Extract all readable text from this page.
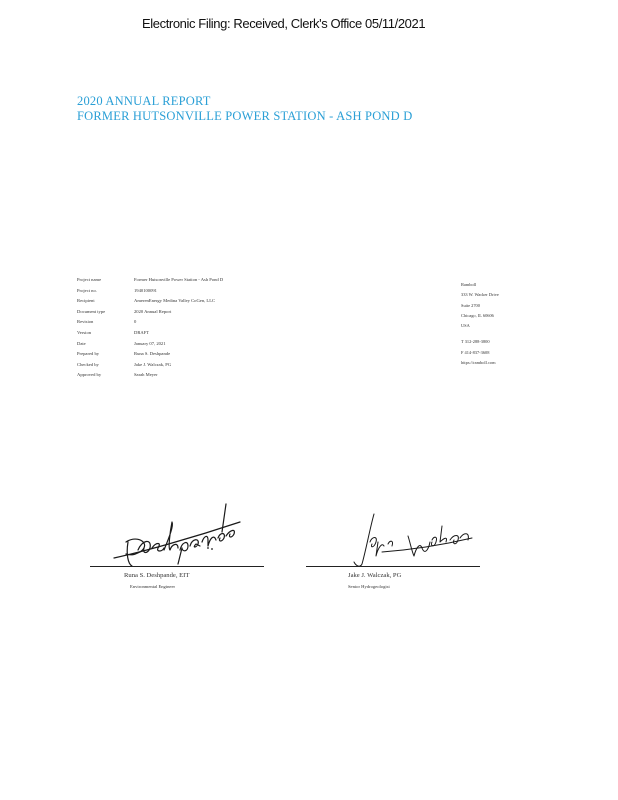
Electronic Filing: Received, Clerk's Office 05/11/2021
2020 ANNUAL REPORT
FORMER HUTSONVILLE POWER STATION - ASH POND D
Project name	Former Hutsonville Power Station - Ash Pond D
Project no.	1940100091
Recipient	AmerenEnergy Medina Valley CoGen, LLC
Document type	2020 Annual Report
Revision	0
Version	DRAFT
Date	January 07, 2021
Prepared by	Runa S. Deshpande
Checked by	Jake J. Walczak, PG
Approved by	Sarah Meyer
Ramboll
333 W. Wacker Drive
Suite 2700
Chicago, IL 60606
USA
T 312-288-3800
F 414-837-3608
https://ramboll.com
Runa S. Deshpande, EIT
Environmental Engineer
Jake J. Walczak, PG
Senior Hydrogeologist
